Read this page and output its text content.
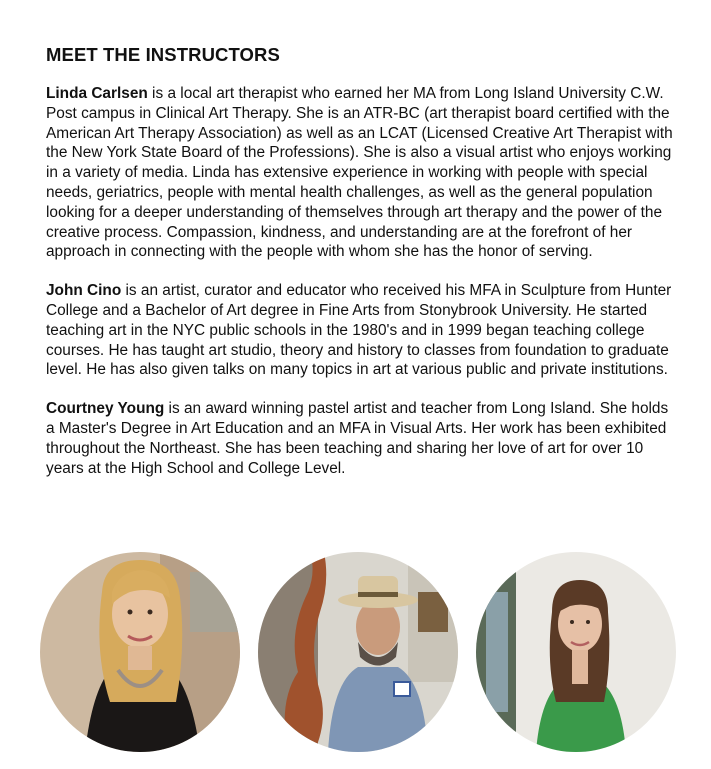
MEET THE INSTRUCTORS

Linda Carlsen is a local art therapist who earned her MA from Long Island University C.W. Post campus in Clinical Art Therapy. She is an ATR-BC (art therapist board certified with the American Art Therapy Association) as well as an LCAT (Licensed Creative Art Therapist with the New York State Board of the Professions). She is also a visual artist who enjoys working in a variety of media. Linda has extensive experience in working with people with special needs, geriatrics, people with mental health challenges, as well as the general population looking for a deeper understanding of themselves through art therapy and the power of the creative process. Compassion, kindness, and understanding are at the forefront of her approach in connecting with the people with whom she has the honor of serving.

John Cino is an artist, curator and educator who received his MFA in Sculpture from Hunter College and a Bachelor of Art degree in Fine Arts from Stonybrook University. He started teaching art in the NYC public schools in the 1980's and in 1999 began teaching college courses. He has taught art studio, theory and history to classes from foundation to graduate level. He has also given talks on many topics in art at various public and private institutions.

Courtney Young is an award winning pastel artist and teacher from Long Island. She holds a Master's Degree in Art Education and an MFA in Visual Arts. Her work has been exhibited throughout the Northeast. She has been teaching and sharing her love of art for over 10 years at the High School and College Level.
